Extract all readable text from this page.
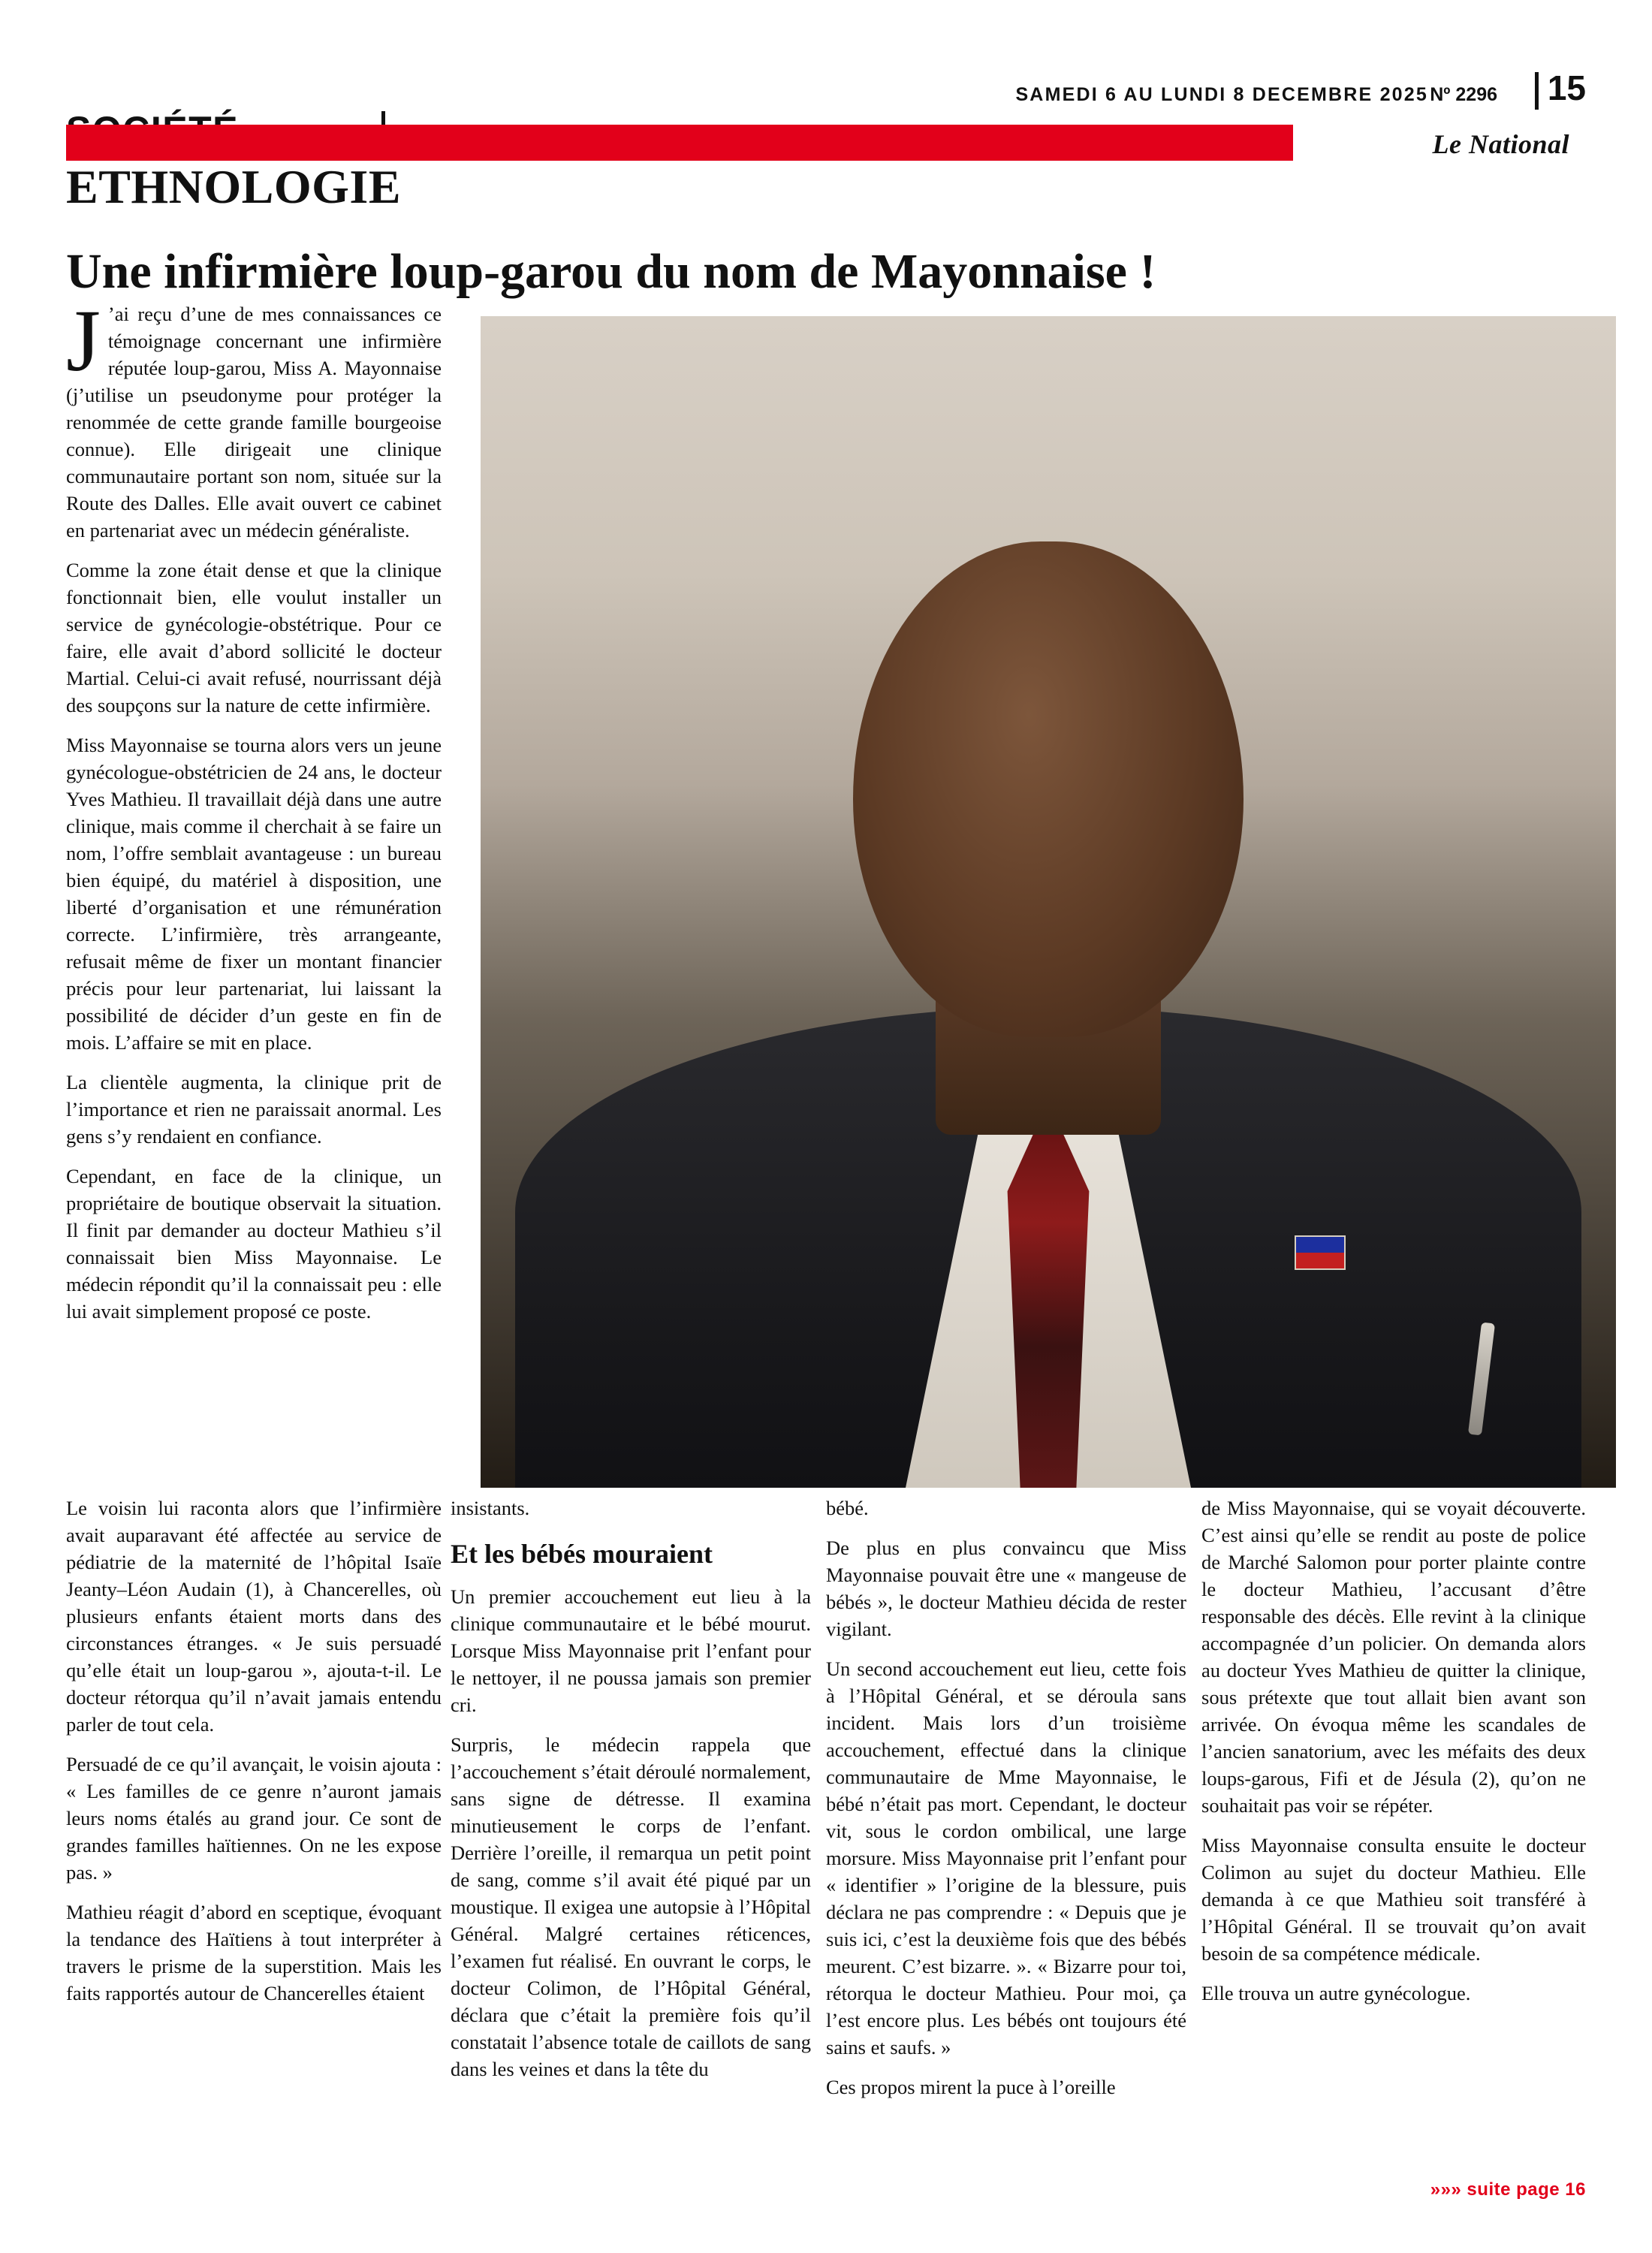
SAMEDI 6 AU LUNDI 8 DECEMBRE 2025 Nº 2296 15
Le National
ETHNOLOGIE
Une infirmière loup-garou du nom de Mayonnaise !

J ’ai reçu d’une de mes connaissances ce témoignage concernant une infirmière réputée loup-garou, Miss A. Mayonnaise (j’utilise un pseudonyme pour protéger la renommée de cette grande famille bourgeoise connue). Elle dirigeait une clinique communautaire portant son nom, située sur la Route des Dalles. Elle avait ouvert ce cabinet en partenariat avec un médecin généraliste.

Comme la zone était dense et que la clinique fonctionnait bien, elle voulut installer un service de gynécologie-obstétrique. Pour ce faire, elle avait d’abord sollicité le docteur Martial. Celui-ci avait refusé, nourrissant déjà des soupçons sur la nature de cette infirmière.

Miss Mayonnaise se tourna alors vers un jeune gynécologue-obstétricien de 24 ans, le docteur Yves Mathieu. Il travaillait déjà dans une autre clinique, mais comme il cherchait à se faire un nom, l’offre semblait avantageuse : un bureau bien équipé, du matériel à disposition, une liberté d’organisation et une rémunération correcte. L’infirmière, très arrangeante, refusait même de fixer un montant financier précis pour leur partenariat, lui laissant la possibilité de décider d’un geste en fin de mois. L’affaire se mit en place.

La clientèle augmenta, la clinique prit de l’importance et rien ne paraissait anormal. Les gens s’y rendaient en confiance.

Cependant, en face de la clinique, un propriétaire de boutique observait la situation. Il finit par demander au docteur Mathieu s’il connaissait bien Miss Mayonnaise. Le médecin répondit qu’il la connaissait peu : elle lui avait simplement proposé ce poste.

Le voisin lui raconta alors que l’infirmière avait auparavant été affectée au service de pédiatrie de la maternité de l’hôpital Isaïe Jeanty–Léon Audain (1), à Chancerelles, où plusieurs enfants étaient morts dans des circonstances étranges. « Je suis persuadé qu’elle était un loup-garou », ajouta-t-il. Le docteur rétorqua qu’il n’avait jamais entendu parler de tout cela.

Persuadé de ce qu’il avançait, le voisin ajouta : « Les familles de ce genre n’auront jamais leurs noms étalés au grand jour. Ce sont de grandes familles haïtiennes. On ne les expose pas. »

Mathieu réagit d’abord en sceptique, évoquant la tendance des Haïtiens à tout interpréter à travers le prisme de la superstition. Mais les faits rapportés autour de Chancerelles étaient

insistants.

Et les bébés mouraient

Un premier accouchement eut lieu à la clinique communautaire et le bébé mourut. Lorsque Miss Mayonnaise prit l’enfant pour le nettoyer, il ne poussa jamais son premier cri.

Surpris, le médecin rappela que l’accouchement s’était déroulé normalement, sans signe de détresse. Il examina minutieusement le corps de l’enfant. Derrière l’oreille, il remarqua un petit point de sang, comme s’il avait été piqué par un moustique. Il exigea une autopsie à l’Hôpital Général. Malgré certaines réticences, l’examen fut réalisé. En ouvrant le corps, le docteur Colimon, de l’Hôpital Général, déclara que c’était la première fois qu’il constatait l’absence totale de caillots de sang dans les veines et dans la tête du

bébé.

De plus en plus convaincu que Miss Mayonnaise pouvait être une « mangeuse de bébés », le docteur Mathieu décida de rester vigilant.

Un second accouchement eut lieu, cette fois à l’Hôpital Général, et se déroula sans incident. Mais lors d’un troisième accouchement, effectué dans la clinique communautaire de Mme Mayonnaise, le bébé n’était pas mort. Cependant, le docteur vit, sous le cordon ombilical, une large morsure. Miss Mayonnaise prit l’enfant pour « identifier » l’origine de la blessure, puis déclara ne pas comprendre : « Depuis que je suis ici, c’est la deuxième fois que des bébés meurent. C’est bizarre. ». « Bizarre pour toi, rétorqua le docteur Mathieu. Pour moi, ça l’est encore plus. Les bébés ont toujours été sains et saufs. »

Ces propos mirent la puce à l’oreille

de Miss Mayonnaise, qui se voyait découverte. C’est ainsi qu’elle se rendit au poste de police de Marché Salomon pour porter plainte contre le docteur Mathieu, l’accusant d’être responsable des décès. Elle revint à la clinique accompagnée d’un policier. On demanda alors au docteur Yves Mathieu de quitter la clinique, sous prétexte que tout allait bien avant son arrivée. On évoqua même les scandales de l’ancien sanatorium, avec les méfaits des deux loups-garous, Fifi et de Jésula (2), qu’on ne souhaitait pas voir se répéter.

Miss Mayonnaise consulta ensuite le docteur Colimon au sujet du docteur Mathieu. Elle demanda à ce que Mathieu soit transféré à l’Hôpital Général. Il se trouvait qu’on avait besoin de sa compétence médicale.

Elle trouva un autre gynécologue.

»»» suite page 16
